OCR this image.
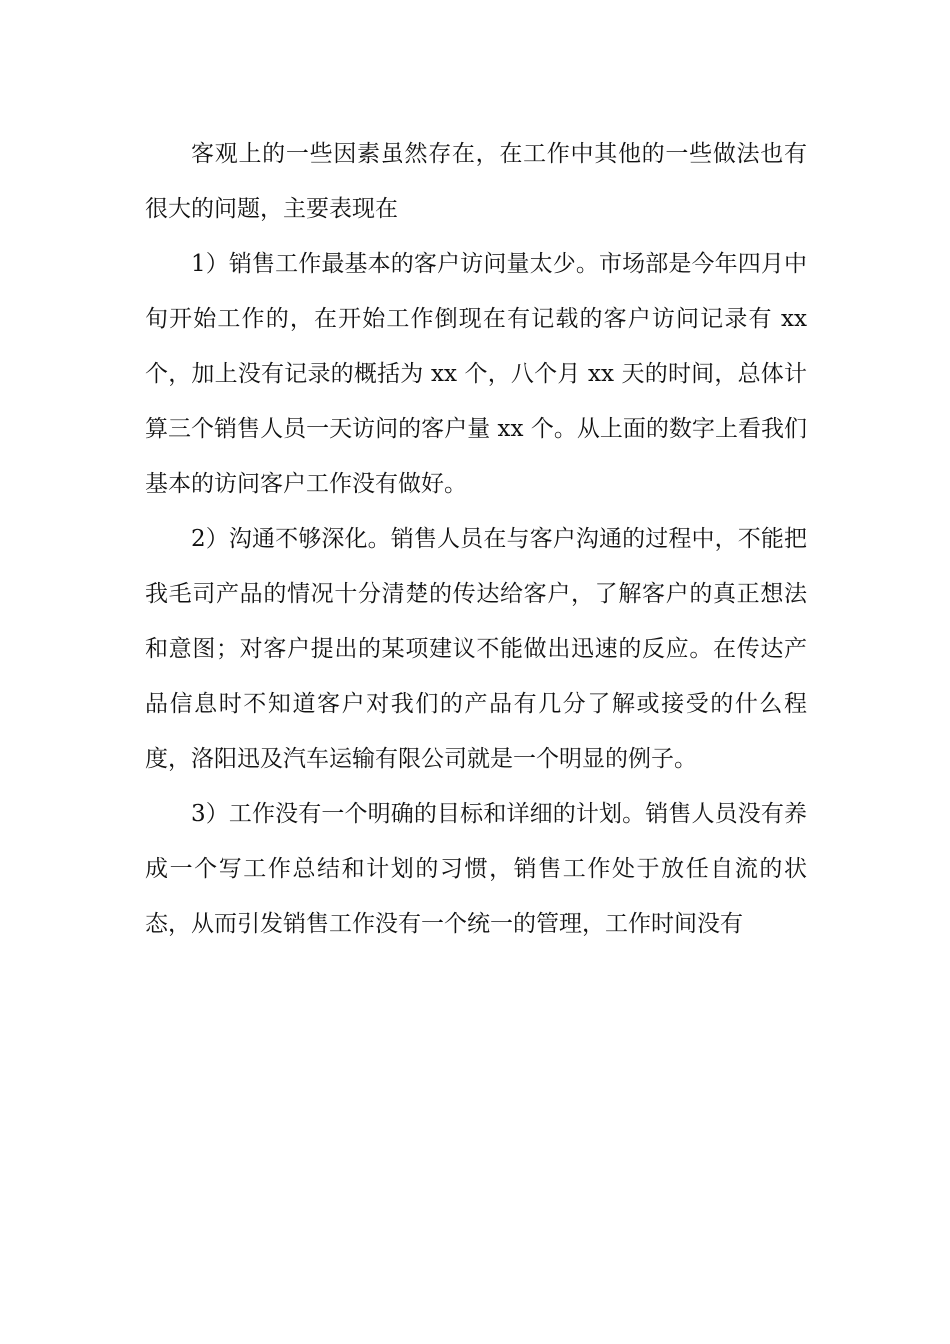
客观上的一些因素虽然存在，在工作中其他的一些做法也有很大的问题，主要表现在

1）销售工作最基本的客户访问量太少。市场部是今年四月中旬开始工作的，在开始工作倒现在有记载的客户访问记录有 xx 个，加上没有记录的概括为 xx 个，八个月 xx 天的时间，总体计算三个销售人员一天访问的客户量 xx 个。从上面的数字上看我们基本的访问客户工作没有做好。

2）沟通不够深化。销售人员在与客户沟通的过程中，不能把我毛司产品的情况十分清楚的传达给客户，了解客户的真正想法和意图；对客户提出的某项建议不能做出迅速的反应。在传达产品信息时不知道客户对我们的产品有几分了解或接受的什么程度，洛阳迅及汽车运输有限公司就是一个明显的例子。

3）工作没有一个明确的目标和详细的计划。销售人员没有养成一个写工作总结和计划的习惯，销售工作处于放任自流的状态，从而引发销售工作没有一个统一的管理，工作时间没有
